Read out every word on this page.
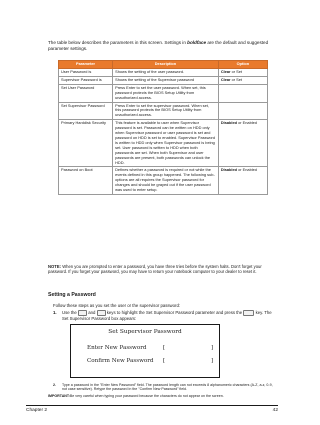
The table below describes the parameters in this screen. Settings in boldface are the default and suggested parameter settings.

Parameter	Description	Option
User Password is	Shows the setting of the user password.	Clear or Set
Supervisor Password is	Shows the setting of the Supervisor password	Clear or Set
Set User Password	Press Enter to set the user password. When set, this password protects the BIOS Setup Utility from unauthorized access.	
Set Supervisor Password	Press Enter to set the supervisor password. When set, this password protects the BIOS Setup Utility from unauthorized access.	
Primary Harddisk Security	This feature is available to user when Supervisor password is set. Password can be written on HDD only when Supervisor password or user password is set and password on HDD is set to enabled. Supervisor Password is written to HDD only when Supervisor password is being set. User password is written to HDD when both passwords are set. When both Supervisor and user passwords are present, both passwords can unlock the HDD.	Disabled or Enabled
Password on Boot	Defines whether a password is required or not while the events defined in this group happened. The following sub-options are all requires the Supervisor password for changes and should be grayed out if the user password was used to enter setup.	Disabled or Enabled

NOTE: When you are prompted to enter a password, you have three tries before the system halts. Don't forget your password. If you forget your password, you may have to return your notebook computer to your dealer to reset it.

Setting a Password
Follow these steps as you set the user or the supervisor password:
1. Use the  and  keys to highlight the Set Supervisor Password parameter and press the	key. The Set Supervisor Password box appears:
Set Supervisor Password
Enter New Password	[	]
Confirm New Password [	]
2. Type a password in the "Enter New Password" field. The password length can not exceeds 8 alphanumeric characters (A-Z, a-z, 0-9, not case sensitive). Retype the password in the "Confirm New Password" field.
IMPORTANT:Be very careful when typing your password because the characters do not appear on the screen.
Chapter 2	42
